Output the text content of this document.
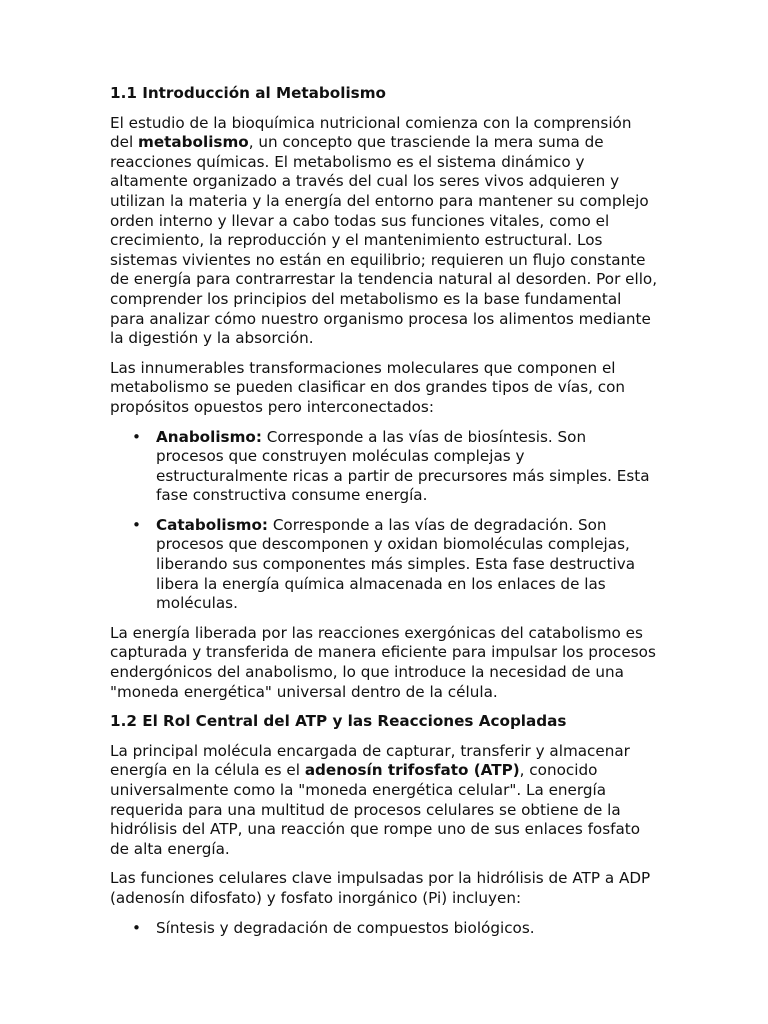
1.1 Introducción al Metabolismo

El estudio de la bioquímica nutricional comienza con la comprensión del metabolismo, un concepto que trasciende la mera suma de reacciones químicas. El metabolismo es el sistema dinámico y altamente organizado a través del cual los seres vivos adquieren y utilizan la materia y la energía del entorno para mantener su complejo orden interno y llevar a cabo todas sus funciones vitales, como el crecimiento, la reproducción y el mantenimiento estructural. Los sistemas vivientes no están en equilibrio; requieren un flujo constante de energía para contrarrestar la tendencia natural al desorden. Por ello, comprender los principios del metabolismo es la base fundamental para analizar cómo nuestro organismo procesa los alimentos mediante la digestión y la absorción.

Las innumerables transformaciones moleculares que componen el metabolismo se pueden clasificar en dos grandes tipos de vías, con propósitos opuestos pero interconectados:

• Anabolismo: Corresponde a las vías de biosíntesis. Son procesos que construyen moléculas complejas y estructuralmente ricas a partir de precursores más simples. Esta fase constructiva consume energía.
• Catabolismo: Corresponde a las vías de degradación. Son procesos que descomponen y oxidan biomoléculas complejas, liberando sus componentes más simples. Esta fase destructiva libera la energía química almacenada en los enlaces de las moléculas.

La energía liberada por las reacciones exergónicas del catabolismo es capturada y transferida de manera eficiente para impulsar los procesos endergónicos del anabolismo, lo que introduce la necesidad de una "moneda energética" universal dentro de la célula.

1.2 El Rol Central del ATP y las Reacciones Acopladas

La principal molécula encargada de capturar, transferir y almacenar energía en la célula es el adenosín trifosfato (ATP), conocido universalmente como la "moneda energética celular". La energía requerida para una multitud de procesos celulares se obtiene de la hidrólisis del ATP, una reacción que rompe uno de sus enlaces fosfato de alta energía.

Las funciones celulares clave impulsadas por la hidrólisis de ATP a ADP (adenosín difosfato) y fosfato inorgánico (Pi) incluyen:

• Síntesis y degradación de compuestos biológicos.
